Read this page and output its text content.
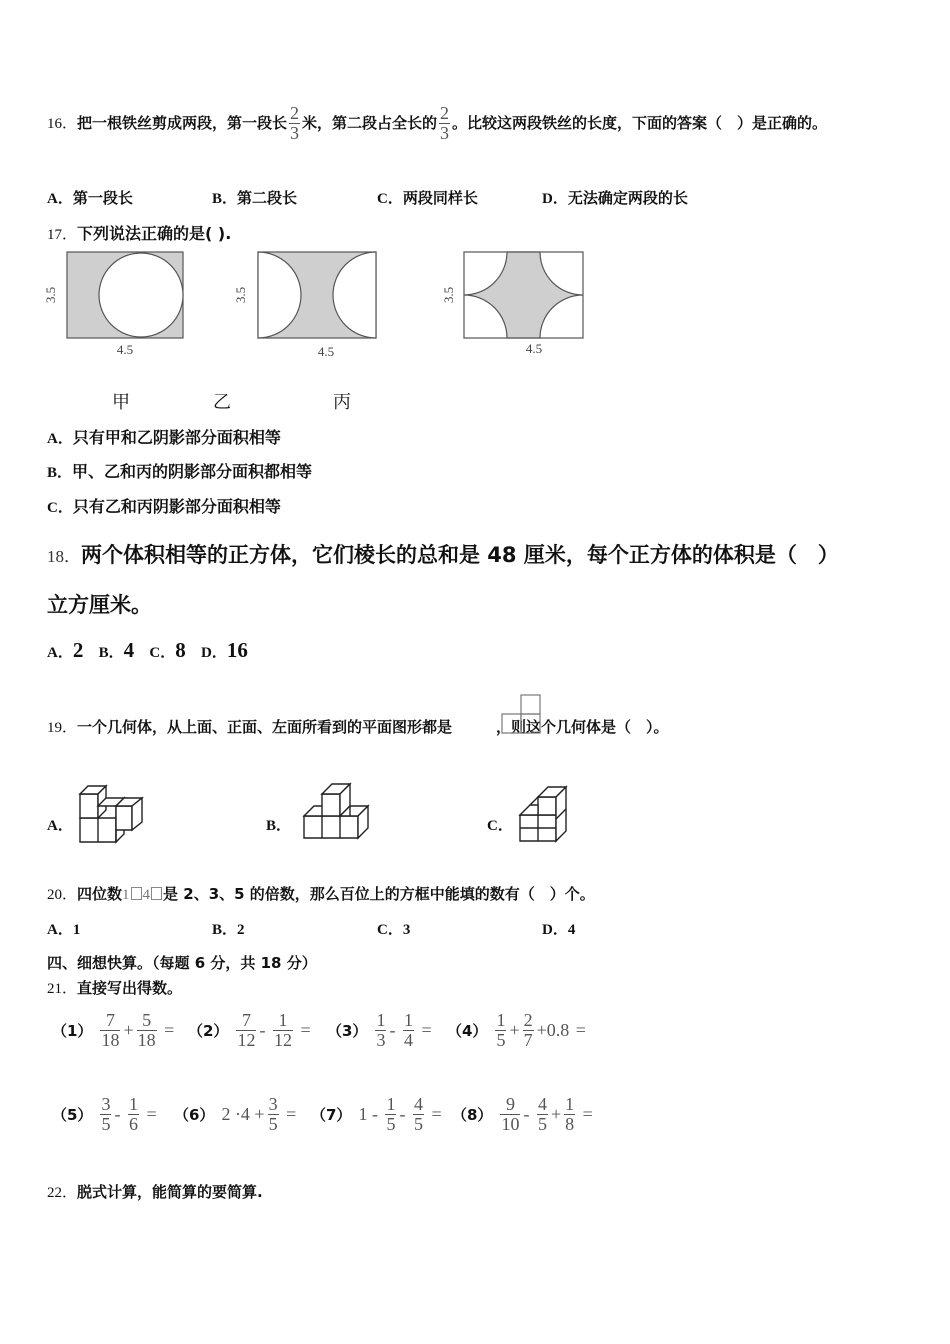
16．把一根铁丝剪成两段，第一段长 $\frac{2}{3}$ 米，第二段占全长的 $\frac{2}{3}$ 。比较这两段铁丝的长度，下面的答案（　）是正确的。
A．第一段长	B．第二段长	C．两段同样长	D．无法确定两段的长
17．下列说法正确的是( ).
3.5
4.5
3.5
4.5
3.5
4.5
甲	乙	丙
A．只有甲和乙阴影部分面积相等
B．甲、乙和丙的阴影部分面积都相等
C．只有乙和丙阴影部分面积相等
18．两个体积相等的正方体，它们棱长的总和是 48 厘米，每个正方体的体积是（　）
立方厘米。
A．2 B．4 C．8 D．16
19．一个几何体，从上面、正面、左面所看到的平面图形都是	，则这个几何体是（　）。
A．	B．	C．
20．四位数1 4 是 2、3、5 的倍数，那么百位上的方框中能填的数有（　）个。
A．1	B．2	C．3	D．4
四、细想快算。（每题 6 分，共 18 分）
21．直接写出得数。
$(1) \frac{7}{18} + \frac{5}{18} = (2) \frac{7}{12} - \frac{1}{12} = (3) \frac{1}{3} - \frac{1}{4} = (4) \frac{1}{5} + \frac{2}{7} +0.8$ =
$(5) \frac{3}{5} - \frac{1}{6} = (6)$ $2 \cdot 4 + \frac{3}{5} = (7)$ $1 - \frac{1}{5} - \frac{4}{5} = (8) \frac{9}{10} - \frac{4}{5} + \frac{1}{8}$ =
22．脱式计算，能简算的要简算.
